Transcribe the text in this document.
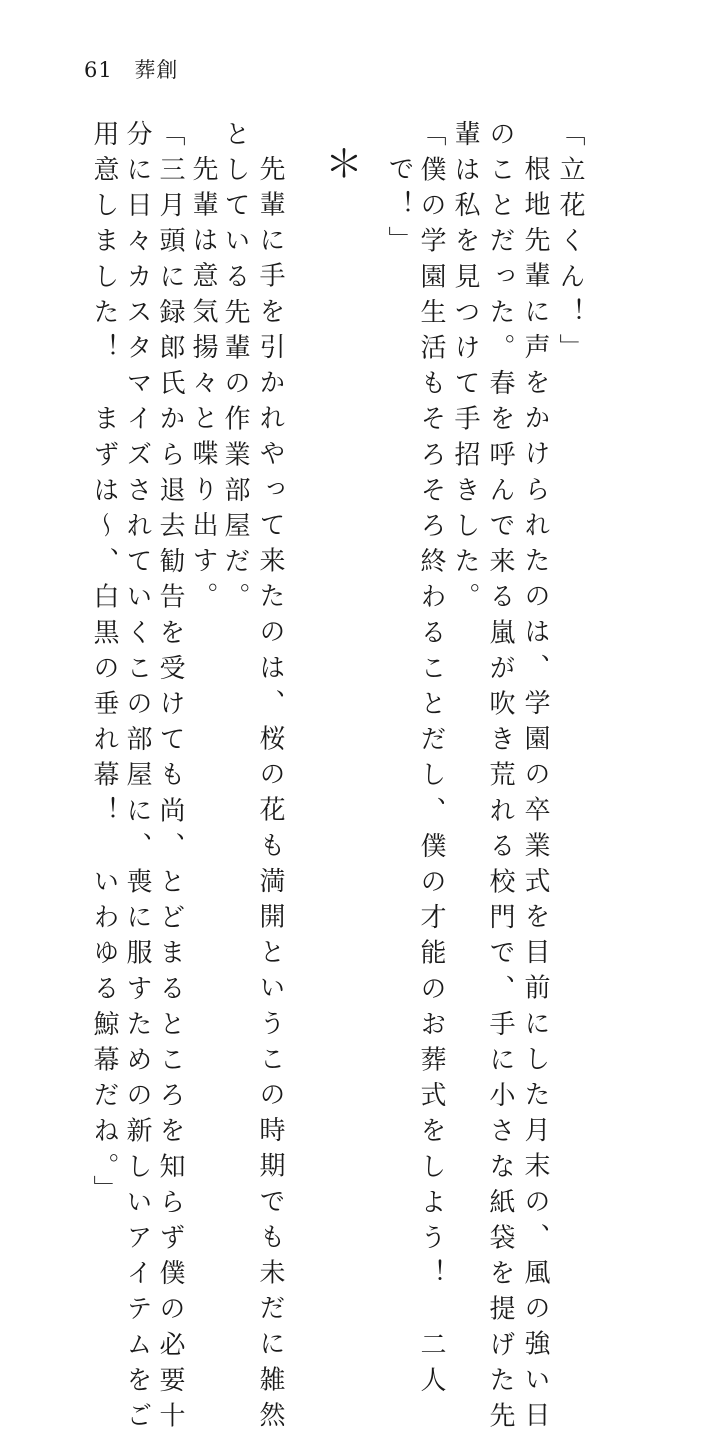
61 葬創
「立花くん！」
根地先輩に声をかけられたのは、学園の卒業式を目前にした月末の、風の強い日
のことだった。春を呼んで来る嵐が吹き荒れる校門で、手に小さな紙袋を提げた先
輩は私を見つけて手招きした。
「僕の学園生活もそろそろ終わることだし、僕の才能のお葬式をしよう！　二人
で！」
＊
先輩に手を引かれやって来たのは、桜の花も満開というこの時期でも未だに雑然
としている先輩の作業部屋だ。
先輩は意気揚々と喋り出す。
「三月頭に録郎氏から退去勧告を受けても尚、とどまるところを知らず僕の必要十
分に日々カスタマイズされていくこの部屋に、喪に服すための新しいアイテムをご
用意しました！　まずは〜、白黒の垂れ幕！　いわゆる鯨幕だね。」
